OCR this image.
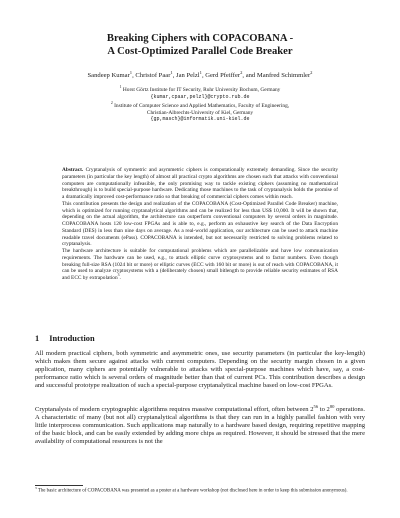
Breaking Ciphers with COPACOBANA -
A Cost-Optimized Parallel Code Breaker
Sandeep Kumar$^1$, Christof Paar$^1$, Jan Pelzl$^1$, Gerd Pfeiffer$^2$, and Manfred Schimmler$^2$
$^1$ Horst Görtz Institute for IT Security, Ruhr University Bochum, Germany
{kumar,cpaar,pelzl}@crypto.rub.de
$^2$ Institute of Computer Science and Applied Mathematics, Faculty of Engineering,
Christian-Albrechts-University of Kiel, Germany
{gp,masch}@informatik.uni-kiel.de

Abstract. Cryptanalysis of symmetric and asymmetric ciphers is computationally extremely demanding. Since the security parameters (in particular the key length) of almost all practical crypto algorithms are chosen such that attacks with conventional computers are computationally infeasible, the only promising way to tackle existing ciphers (assuming no mathematical breakthrough) is to build special-purpose hardware. Dedicating those machines to the task of cryptanalysis holds the promise of a dramatically improved cost-performance ratio so that breaking of commercial ciphers comes within reach.

This contribution presents the design and realization of the COPACOBANA (Cost-Optimized Parallel Code Breaker) machine, which is optimized for running cryptanalytical algorithms and can be realized for less than US$ 10,000. It will be shown that, depending on the actual algorithm, the architecture can outperform conventional computers by several orders in magnitude. COPACOBANA hosts 120 low-cost FPGAs and is able to, e.g., perform an exhaustive key search of the Data Encryption Standard (DES) in less than nine days on average. As a real-world application, our architecture can be used to attack machine readable travel documents (ePass). COPACOBANA is intended, but not necessarily restricted to solving problems related to cryptanalysis.

The hardware architecture is suitable for computational problems which are parallelizable and have low communication requirements. The hardware can be used, e.g., to attack elliptic curve cryptosystems and to factor numbers. Even though breaking full-size RSA (1024 bit or more) or elliptic curves (ECC with 160 bit or more) is out of reach with COPACOBANA, it can be used to analyze cryptosystems with a (deliberately chosen) small bitlength to provide reliable security estimates of RSA and ECC by extrapolation$^3$.

1 Introduction
All modern practical ciphers, both symmetric and asymmetric ones, use security parameters (in particular the key-length) which makes them secure against attacks with current computers. Depending on the security margin chosen in a given application, many ciphers are potentially vulnerable to attacks with special-purpose machines which have, say, a cost-performance ratio which is several orders of magnitude better than that of current PCs. This contribution describes a design and successful prototype realization of such a special-purpose cryptanalytical machine based on low-cost FPGAs.

Cryptanalysis of modern cryptographic algorithms requires massive computational effort, often between $2^{56}$ to $2^{80}$ operations. A characteristic of many (but not all) cryptanalytical algorithms is that they can run in a highly parallel fashion with very little interprocess communication. Such applications map naturally to a hardware based design, requiring repetitive mapping of the basic block, and can be easily extended by adding more chips as required. However, it should be stressed that the mere availability of computational resources is not the

$^3$ The basic architecture of COPACOBANA was presented as a poster at a hardware workshop (not disclosed here in order to keep this submission anonymous).
